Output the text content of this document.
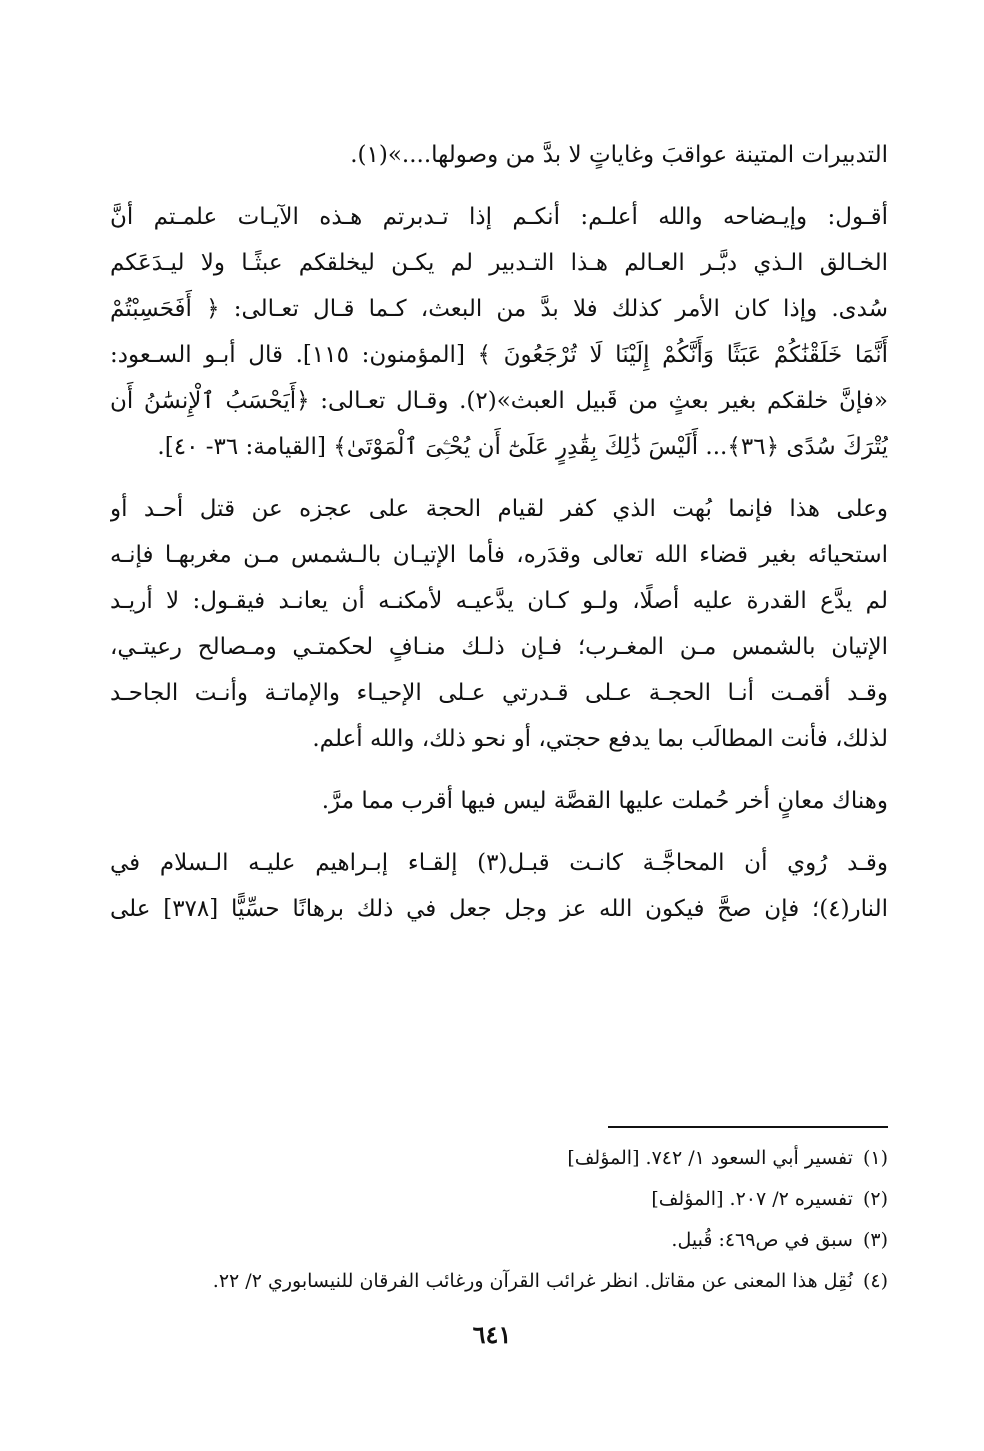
التدبيرات المتينة عواقبَ وغاياتٍ لا بدَّ من وصولها....»(١).
أقـول: وإيـضاحه والله أعلـم: أنكـم إذا تـدبرتم هـذه الآيـات علمـتم أنَّ
الخـالق الـذي دبَّـر العـالم هـذا التـدبير لم يكـن ليخلقكم عبثًـا ولا ليـدَعَكم
سُدى. وإذا كان الأمر كذلك فلا بدَّ من البعث، كـما قـال تعـالى: ﴿ أَفَحَسِبْتُمْ
أَنَّمَا خَلَقْنَٰكُمْ عَبَثًا وَأَنَّكُمْ إِلَيْنَا لَا تُرْجَعُونَ ﴾ [المؤمنون: ١١٥]. قال أبـو السـعود:
«فإنَّ خلقكم بغير بعثٍ من قَبيل العبث»(٢). وقـال تعـالى: ﴿أَيَحْسَبُ ٱلْإِنسَٰنُ أَن
يُتْرَكَ سُدًى ﴿٣٦﴾... أَلَيْسَ ذَٰلِكَ بِقَٰدِرٍ عَلَىٰٓ أَن يُحْـِۧىَ ٱلْمَوْتَىٰ﴾ [القيامة: ٣٦- ٤٠].
وعلى هذا فإنما بُهت الذي كفر لقيام الحجة على عجزه عن قتل أحـد أو
استحيائه بغير قضاء الله تعالى وقدَره، فأما الإتيـان بالـشمس مـن مغربهـا فإنـه
لم يدَّع القدرة عليه أصلًا، ولـو كـان يدَّعيـه لأمكنـه أن يعانـد فيقـول: لا أريـد
الإتيان بالشمس مـن المغـرب؛ فـإن ذلـك منـافٍ لحكمتـي ومـصالح رعيتـي،
وقـد أقمـت أنـا الحجـة عـلى قـدرتي عـلى الإحيـاء والإماتـة وأنـت الجاحـد
لذلك، فأنت المطالَب بما يدفع حجتي، أو نحو ذلك، والله أعلم.
وهناك معانٍ أخر حُملت عليها القصَّة ليس فيها أقرب مما مرَّ.
وقـد رُوي أن المحاجَّـة كانـت قبـل(٣) إلقـاء إبـراهيم عليـه الـسلام في
النار(٤)؛ فإن صحَّ فيكون الله عز وجل جعل في ذلك برهانًا حسِّيًّا [٣٧٨] على
(١)تفسير أبي السعود ١/ ٧٤٢. [المؤلف]
(٢)تفسيره ٢/ ٢٠٧. [المؤلف]
(٣)سبق في ص٤٦٩: قُبيل.
(٤)نُقِل هذا المعنى عن مقاتل. انظر غرائب القرآن ورغائب الفرقان للنيسابوري ٢/ ٢٢.
٦٤١
